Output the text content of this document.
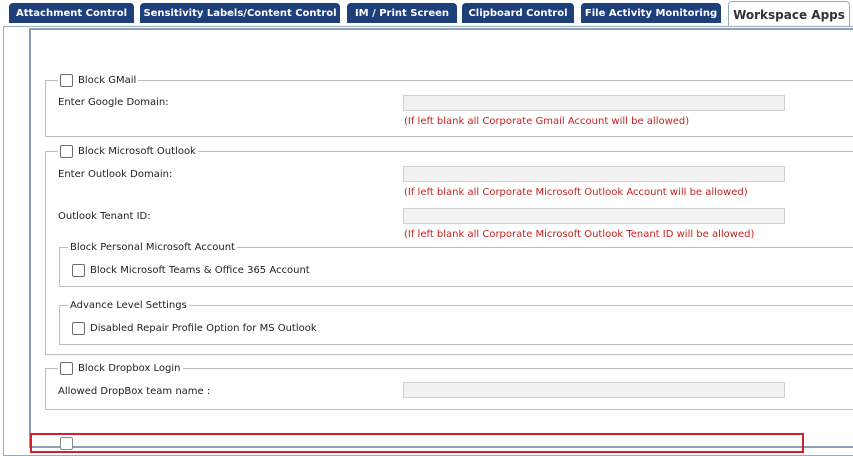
Attachment Control	Sensitivity Labels/Content Control	IM / Print Screen	Clipboard Control	File Activity Monitoring	Workspace Apps
Block GMail
Enter Google Domain:
(If left blank all Corporate Gmail Account will be allowed)
Block Microsoft Outlook
Enter Outlook Domain:
(If left blank all Corporate Microsoft Outlook Account will be allowed)
Outlook Tenant ID:
(If left blank all Corporate Microsoft Outlook Tenant ID will be allowed)
Block Personal Microsoft Account
Block Microsoft Teams & Office 365 Account
Advance Level Settings
Disabled Repair Profile Option for MS Outlook
Block Dropbox Login
Allowed DropBox team name :
